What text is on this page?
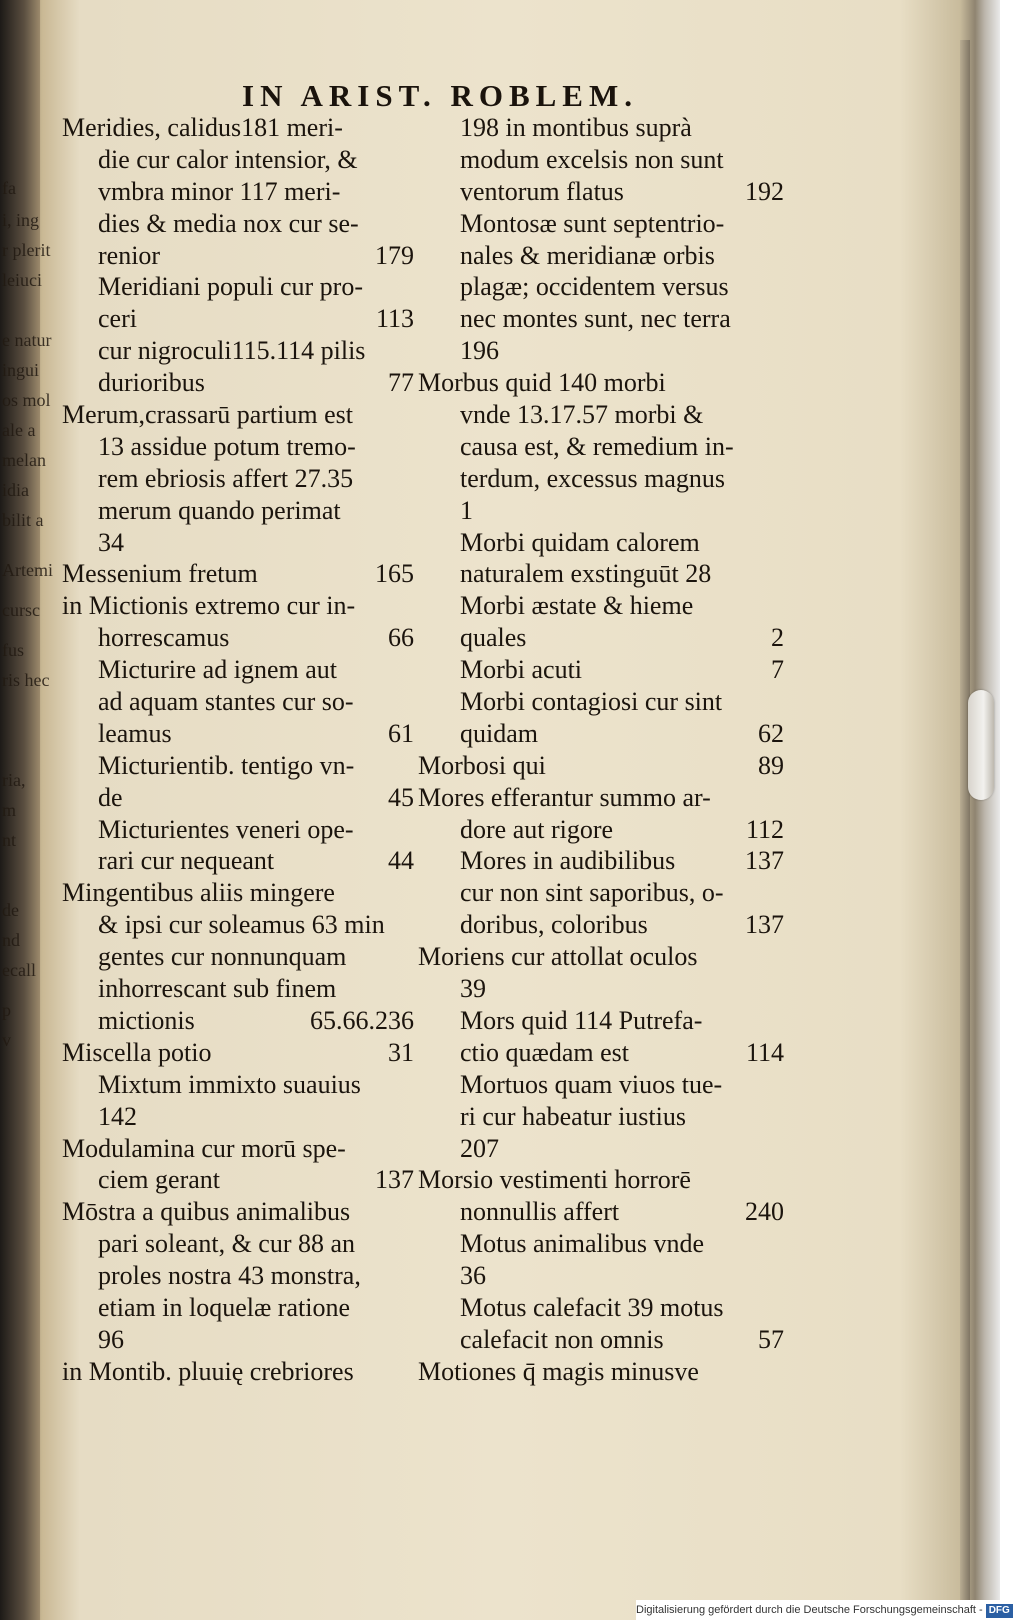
fa
i, ing
r plerit
leiuci
e natur
ingui
os mol
ale a
melan
idia
bilit a
Artemi
cursc
fus
ris hec
ria,
m
nt
de
nd
ecall
p
v
IN ARIST. ROBLEM.
Meridies, calidus181 meri-
die cur calor intensior, &
vmbra minor 117 meri-
dies & media nox cur se-
renior	179
Meridiani populi cur pro-
ceri	113
cur nigroculi115.114 pilis
durioribus	77
Merum,crassarū partium est
13 assidue potum tremo-
rem ebriosis affert 27.35
merum quando perimat
34
Messenium fretum	165
in Mictionis extremo cur in-
horrescamus	66
Micturire ad ignem aut
ad aquam stantes cur so-
leamus	61
Micturientib. tentigo vn-
de	45
Micturientes veneri ope-
rari cur nequeant	44
Mingentibus aliis mingere
& ipsi cur soleamus 63 min
gentes cur nonnunquam
inhorrescant sub finem
mictionis	65.66.236
Miscella potio	31
Mixtum immixto suauius
142
Modulamina cur morū spe-
ciem gerant	137
Mōstra a quibus animalibus
pari soleant, & cur 88 an
proles nostra 43 monstra,
etiam in loquelæ ratione
96
in Montib. pluuię crebriores
198 in montibus suprà
modum excelsis non sunt
ventorum flatus	192
Montosæ sunt septentrio-
nales & meridianæ orbis
plagæ; occidentem versus
nec montes sunt, nec terra
196
Morbus quid 140 morbi
vnde 13.17.57 morbi &
causa est, & remedium in-
terdum, excessus magnus
1
Morbi quidam calorem
naturalem exstinguūt 28
Morbi æstate & hieme
quales	2
Morbi acuti	7
Morbi contagiosi cur sint
quidam	62
Morbosi qui	89
Mores efferantur summo ar-
dore aut rigore	112
Mores in audibilibus	137
cur non sint saporibus, o-
doribus, coloribus	137
Moriens cur attollat oculos
39
Mors quid 114 Putrefa-
ctio quædam est	114
Mortuos quam viuos tue-
ri cur habeatur iustius
207
Morsio vestimenti horrorē
nonnullis affert	240
Motus animalibus vnde
36
Motus calefacit 39 motus
calefacit non omnis	57
Motiones q̄ magis minusve
Digitalisierung gefördert durch die Deutsche Forschungsgemeinschaft - DFG
